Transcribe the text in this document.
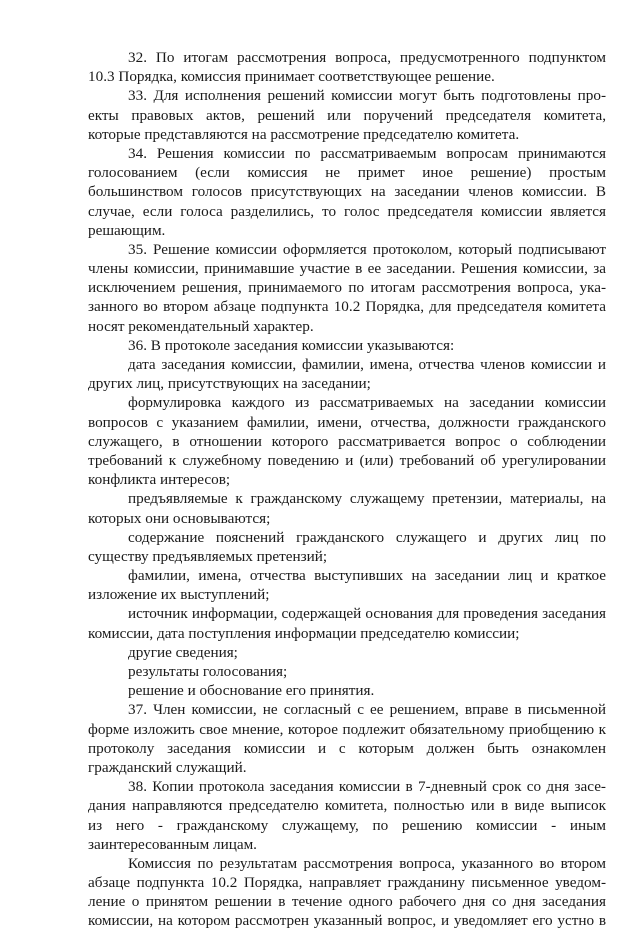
32. По итогам рассмотрения вопроса, предусмотренного подпунктом
10.3 Порядка, комиссия принимает соответствующее решение.
33. Для исполнения решений комиссии могут быть подготовлены про-
екты правовых актов, решений или поручений председателя комитета,
которые представляются на рассмотрение председателю комитета.
34. Решения комиссии по рассматриваемым вопросам принимаются
голосованием (если комиссия не примет иное решение) простым
большинством голосов присутствующих на заседании членов комиссии. В
случае, если голоса разделились, то голос председателя комиссии является
решающим.
35. Решение комиссии оформляется протоколом, который подписывают
члены комиссии, принимавшие участие в ее заседании. Решения комиссии, за
исключением решения, принимаемого по итогам рассмотрения вопроса, ука-
занного во втором абзаце подпункта 10.2 Порядка, для председателя комитета
носят рекомендательный характер.
36. В протоколе заседания комиссии указываются:
дата заседания комиссии, фамилии, имена, отчества членов комиссии и
других лиц, присутствующих на заседании;
формулировка каждого из рассматриваемых на заседании комиссии
вопросов с указанием фамилии, имени, отчества, должности гражданского
служащего, в отношении которого рассматривается вопрос о соблюдении
требований к служебному поведению и (или) требований об урегулировании
конфликта интересов;
предъявляемые к гражданскому служащему претензии, материалы, на
которых они основываются;
содержание пояснений гражданского служащего и других лиц по
существу предъявляемых претензий;
фамилии, имена, отчества выступивших на заседании лиц и краткое
изложение их выступлений;
источник информации, содержащей основания для проведения заседания
комиссии, дата поступления информации председателю комиссии;
другие сведения;
результаты голосования;
решение и обоснование его принятия.
37. Член комиссии, не согласный с ее решением, вправе в письменной
форме изложить свое мнение, которое подлежит обязательному приобщению к
протоколу заседания комиссии и с которым должен быть ознакомлен
гражданский служащий.
38. Копии протокола заседания комиссии в 7-дневный срок со дня засе-
дания направляются председателю комитета, полностью или в виде выписок
из него - гражданскому служащему, по решению комиссии - иным
заинтересованным лицам.
Комиссия по результатам рассмотрения вопроса, указанного во втором
абзаце подпункта 10.2 Порядка, направляет гражданину письменное уведом-
ление о принятом решении в течение одного рабочего дня со дня заседания
комиссии, на котором рассмотрен указанный вопрос, и уведомляет его устно в
